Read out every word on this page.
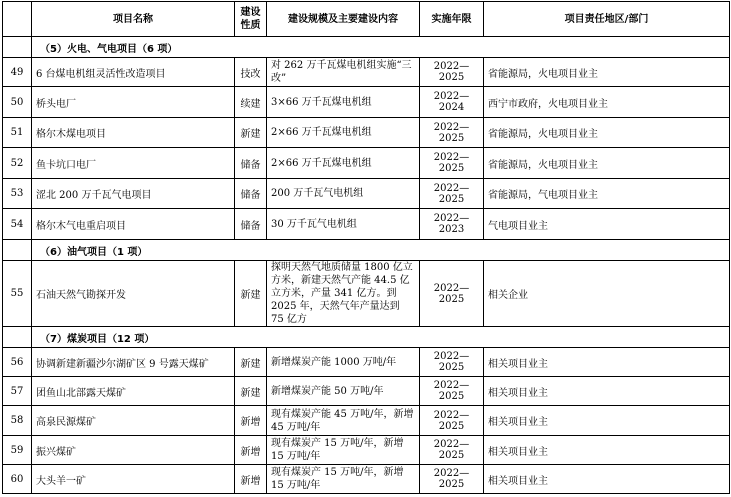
	项目名称	建设性质	建设规模及主要建设内容	实施年限	项目责任地区/部门
	（5）火电、气电项目（6 项）				
49	6 台煤电机组灵活性改造项目	技改	对 262 万千瓦煤电机组实施“三改”	2022—2025	省能源局，火电项目业主
50	桥头电厂	续建	3×66 万千瓦煤电机组	2022—2024	西宁市政府，火电项目业主
51	格尔木煤电项目	新建	2×66 万千瓦煤电机组	2022—2025	省能源局，火电项目业主
52	鱼卡坑口电厂	储备	2×66 万千瓦煤电机组	2022—2025	省能源局，火电项目业主
53	涩北 200 万千瓦气电项目	储备	200 万千瓦气电机组	2022—2025	省能源局，气电项目业主
54	格尔木气电重启项目	储备	30 万千瓦气电机组	2022—2023	气电项目业主
	（6）油气项目（1 项）				
55	石油天然气勘探开发	新建	探明天然气地质储量 1800 亿立方米，新建天然气产能 44.5 亿立方米，产量 341 亿方。到 2025 年，天然气年产量达到 75 亿方	2022—2025	相关企业
	（7）煤炭项目（12 项）				
56	协调新建新疆沙尔湖矿区 9 号露天煤矿	新建	新增煤炭产能 1000 万吨/年	2022—2025	相关项目业主
57	团鱼山北部露天煤矿	新建	新增煤炭产能 50 万吨/年	2022—2025	相关项目业主
58	高泉民源煤矿	新增	现有煤炭产能 45 万吨/年，新增 45 万吨/年	2022—2025	相关项目业主
59	振兴煤矿	新增	现有煤炭产 15 万吨/年，新增 15 万吨/年	2022—2025	相关项目业主
60	大头羊一矿	新增	现有煤炭产 15 万吨/年，新增 15 万吨/年	2022—2025	相关项目业主
